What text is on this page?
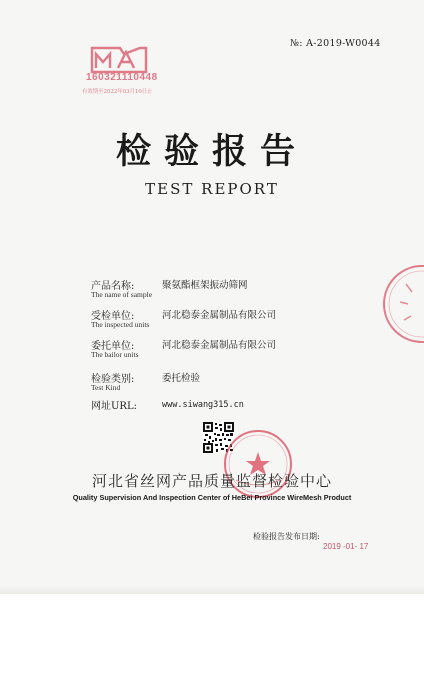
160321110448
有效期至2022年03月10日止
№: A-2019-W0044
检验报告
TEST REPORT
产品名称:
The name of sample
聚氨酯框架振动筛网
受检单位:
The inspected units
河北稳泰金属制品有限公司
委托单位:
The bailor units
河北稳泰金属制品有限公司
检验类别:
Test Kind
委托检验
网址URL:	www.siwang315.cn
河北省丝网产品质量监督检验中心
Quality Supervision And Inspection Center of HeBei Province WireMesh Product
检验报告发布日期:
2019 -01- 17
